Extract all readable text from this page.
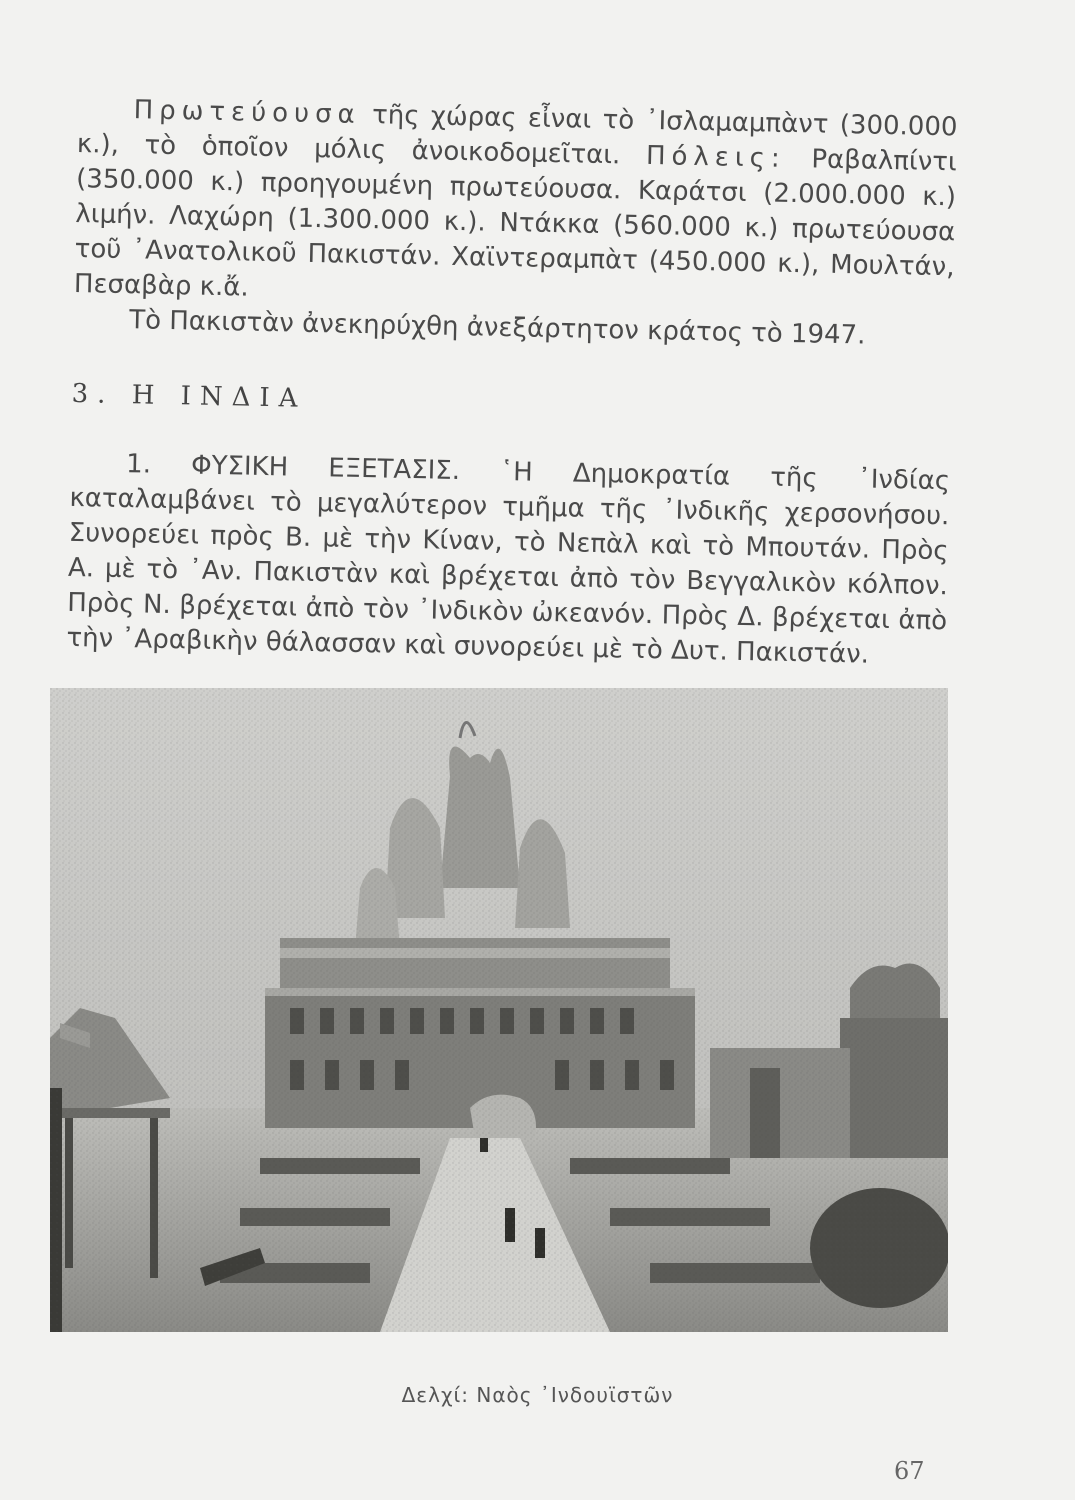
Πρωτεύουσα τῆς χώρας εἶναι τὸ ᾿Ισλαμαμπὰντ (300.000 κ.), τὸ ὁποῖον μόλις ἀνοικοδομεῖται. Πόλεις: Ραβαλπίντι (350.000 κ.) προηγουμένη πρωτεύουσα. Καράτσι (2.000.000 κ.) λιμήν. Λαχώρη (1.300.000 κ.). Ντάκκα (560.000 κ.) πρωτεύουσα τοῦ ᾿Ανατολικοῦ Πακιστάν. Χαϊντεραμπὰτ (450.000 κ.), Μουλτάν, Πεσαβὰρ κ.ἄ.

Τὸ Πακιστὰν ἀνεκηρύχθη ἀνεξάρτητον κράτος τὸ 1947.

3. Η ΙΝΔΙΑ

1. ΦΥΣΙΚΗ ΕΞΕΤΑΣΙΣ. ῾Η Δημοκρατία τῆς ᾿Ινδίας καταλαμβάνει τὸ μεγαλύτερον τμῆμα τῆς ᾿Ινδικῆς χερσονήσου. Συνορεύει πρὸς Β. μὲ τὴν Κίναν, τὸ Νεπὰλ καὶ τὸ Μπουτάν. Πρὸς Α. μὲ τὸ ᾿Αν. Πακιστὰν καὶ βρέχεται ἀπὸ τὸν Βεγγαλικὸν κόλπον. Πρὸς Ν. βρέχεται ἀπὸ τὸν ᾿Ινδικὸν ὠκεανόν. Πρὸς Δ. βρέχεται ἀπὸ τὴν ᾿Αραβικὴν θάλασσαν καὶ συνορεύει μὲ τὸ Δυτ. Πακιστάν.

Δελχί: Ναὸς ᾿Ινδουϊστῶν
67
